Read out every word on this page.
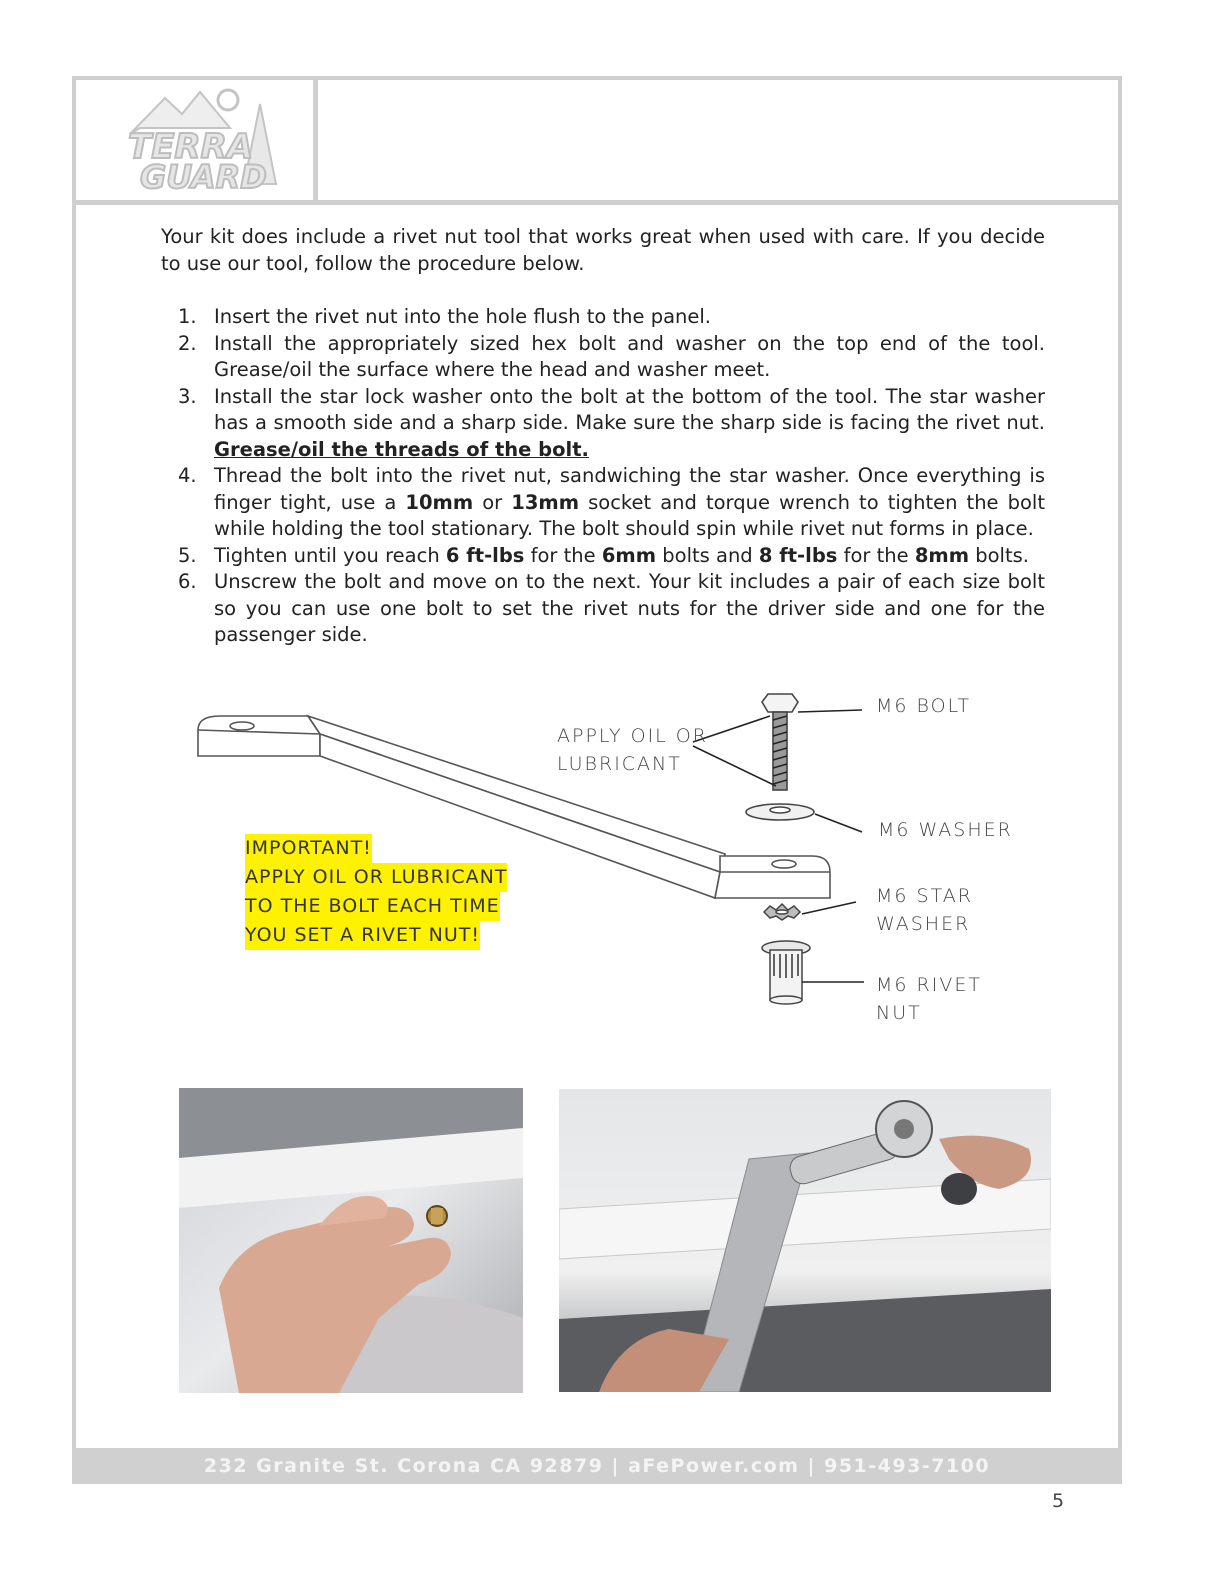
TERRA
GUARD
Your kit does include a rivet nut tool that works great when used with care. If you decide to use our tool, follow the procedure below.
1. Insert the rivet nut into the hole flush to the panel.
2. Install the appropriately sized hex bolt and washer on the top end of the tool. Grease/oil the surface where the head and washer meet.
3. Install the star lock washer onto the bolt at the bottom of the tool. The star washer has a smooth side and a sharp side. Make sure the sharp side is facing the rivet nut. Grease/oil the threads of the bolt.
4. Thread the bolt into the rivet nut, sandwiching the star washer. Once everything is finger tight, use a 10mm or 13mm socket and torque wrench to tighten the bolt while holding the tool stationary. The bolt should spin while rivet nut forms in place.
5. Tighten until you reach 6 ft-lbs for the 6mm bolts and 8 ft-lbs for the 8mm bolts.
6. Unscrew the bolt and move on to the next. Your kit includes a pair of each size bolt so you can use one bolt to set the rivet nuts for the driver side and one for the passenger side.
APPLY OIL OR
LUBRICANT
M6 BOLT
M6 WASHER
M6 STAR
WASHER
M6 RIVET
NUT
IMPORTANT!
APPLY OIL OR LUBRICANT
TO THE BOLT EACH TIME
YOU SET A RIVET NUT!
232 Granite St. Corona CA 92879 | aFePower.com | 951-493-7100
5
